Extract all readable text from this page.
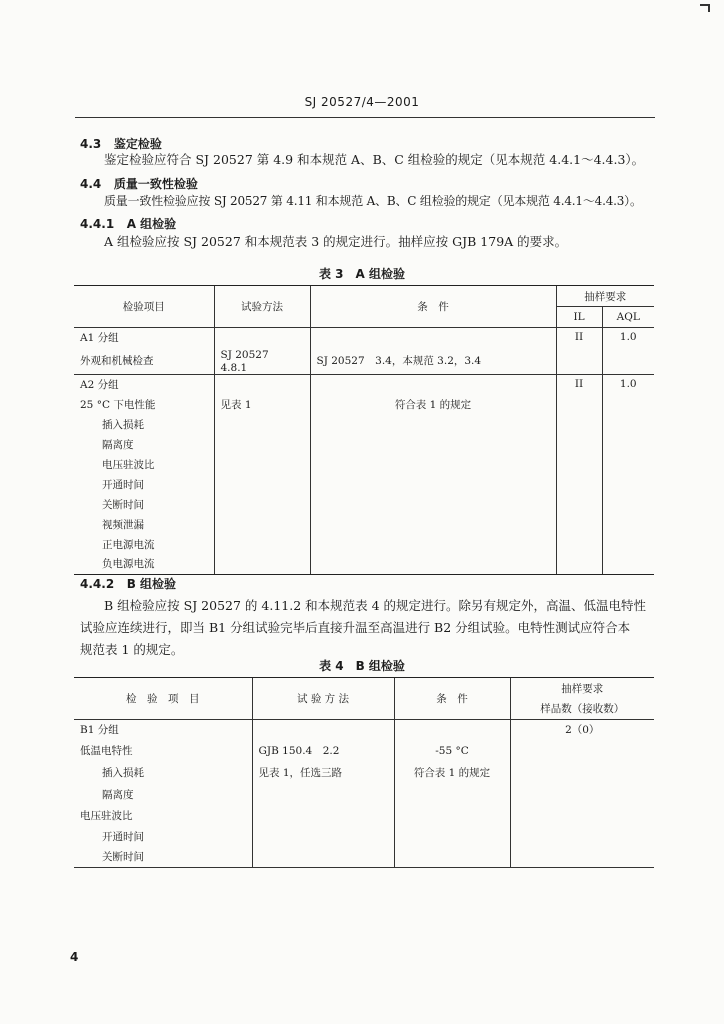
SJ 20527/4—2001
4.3 鉴定检验
鉴定检验应符合 SJ 20527 第 4.9 和本规范 A、B、C 组检验的规定（见本规范 4.4.1～4.4.3）。
4.4 质量一致性检验
质量一致性检验应按 SJ 20527 第 4.11 和本规范 A、B、C 组检验的规定（见本规范 4.4.1～4.4.3）。
4.4.1 A 组检验
A 组检验应按 SJ 20527 和本规范表 3 的规定进行。抽样应按 GJB 179A 的要求。
表 3　A 组检验
检验项目	试验方法	条　件	抽样要求	
			IL	AQL
A1 分组			II	1.0
外观和机械检查	SJ 20527　4.8.1	SJ 20527　3.4，本规范 3.2，3.4		
A2 分组			II	1.0
25 °C 下电性能	见表 1	符合表 1 的规定		
插入损耗				
隔离度				
电压驻波比				
开通时间				
关断时间				
视频泄漏				
正电源电流				
负电源电流				
4.4.2 B 组检验
B 组检验应按 SJ 20527 的 4.11.2 和本规范表 4 的规定进行。除另有规定外，高温、低温电特性
试验应连续进行，即当 B1 分组试验完毕后直接升温至高温进行 B2 分组试验。电特性测试应符合本
规范表 1 的规定。
表 4　B 组检验
检　验　项　目	试 验 方 法	条　件	抽样要求
			样品数（接收数）
B1 分组			2（0）
低温电特性	GJB 150.4　2.2	-55 °C	
插入损耗	见表 1，任选三路	符合表 1 的规定	
隔离度			
电压驻波比			
开通时间			
关断时间			
4
